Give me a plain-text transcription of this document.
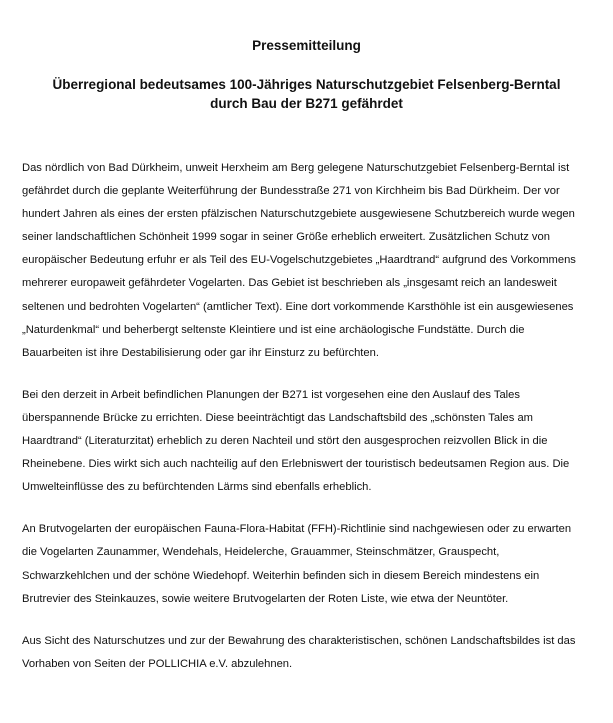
Pressemitteilung
Überregional bedeutsames 100-Jähriges Naturschutzgebiet Felsenberg-Berntal
durch Bau der B271 gefährdet

Das nördlich von Bad Dürkheim, unweit Herxheim am Berg gelegene Naturschutzgebiet Felsenberg-Berntal ist
gefährdet durch die geplante Weiterführung der Bundesstraße 271 von Kirchheim bis Bad Dürkheim. Der vor
hundert Jahren als eines der ersten pfälzischen Naturschutzgebiete ausgewiesene Schutzbereich wurde wegen
seiner landschaftlichen Schönheit 1999 sogar in seiner Größe erheblich erweitert. Zusätzlichen Schutz von
europäischer Bedeutung erfuhr er als Teil des EU-Vogelschutzgebietes „Haardtrand“ aufgrund des Vorkommens
mehrerer europaweit gefährdeter Vogelarten. Das Gebiet ist beschrieben als „insgesamt reich an landesweit
seltenen und bedrohten Vogelarten“ (amtlicher Text). Eine dort vorkommende Karsthöhle ist ein ausgewiesenes
„Naturdenkmal“ und beherbergt seltenste Kleintiere und ist eine archäologische Fundstätte. Durch die
Bauarbeiten ist ihre Destabilisierung oder gar ihr Einsturz zu befürchten.

Bei den derzeit in Arbeit befindlichen Planungen der B271 ist vorgesehen eine den Auslauf des Tales
überspannende Brücke zu errichten. Diese beeinträchtigt das Landschaftsbild des „schönsten Tales am
Haardtrand“ (Literaturzitat) erheblich zu deren Nachteil und stört den ausgesprochen reizvollen Blick in die
Rheinebene. Dies wirkt sich auch nachteilig auf den Erlebniswert der touristisch bedeutsamen Region aus. Die
Umwelteinflüsse des zu befürchtenden Lärms sind ebenfalls erheblich.

An Brutvogelarten der europäischen Fauna-Flora-Habitat (FFH)-Richtlinie sind nachgewiesen oder zu erwarten
die Vogelarten Zaunammer, Wendehals, Heidelerche, Grauammer, Steinschmätzer, Grauspecht,
Schwarzkehlchen und der schöne Wiedehopf. Weiterhin befinden sich in diesem Bereich mindestens ein
Brutrevier des Steinkauzes, sowie weitere Brutvogelarten der Roten Liste, wie etwa der Neuntöter.

Aus Sicht des Naturschutzes und zur der Bewahrung des charakteristischen, schönen Landschaftsbildes ist das
Vorhaben von Seiten der POLLICHIA e.V. abzulehnen.
